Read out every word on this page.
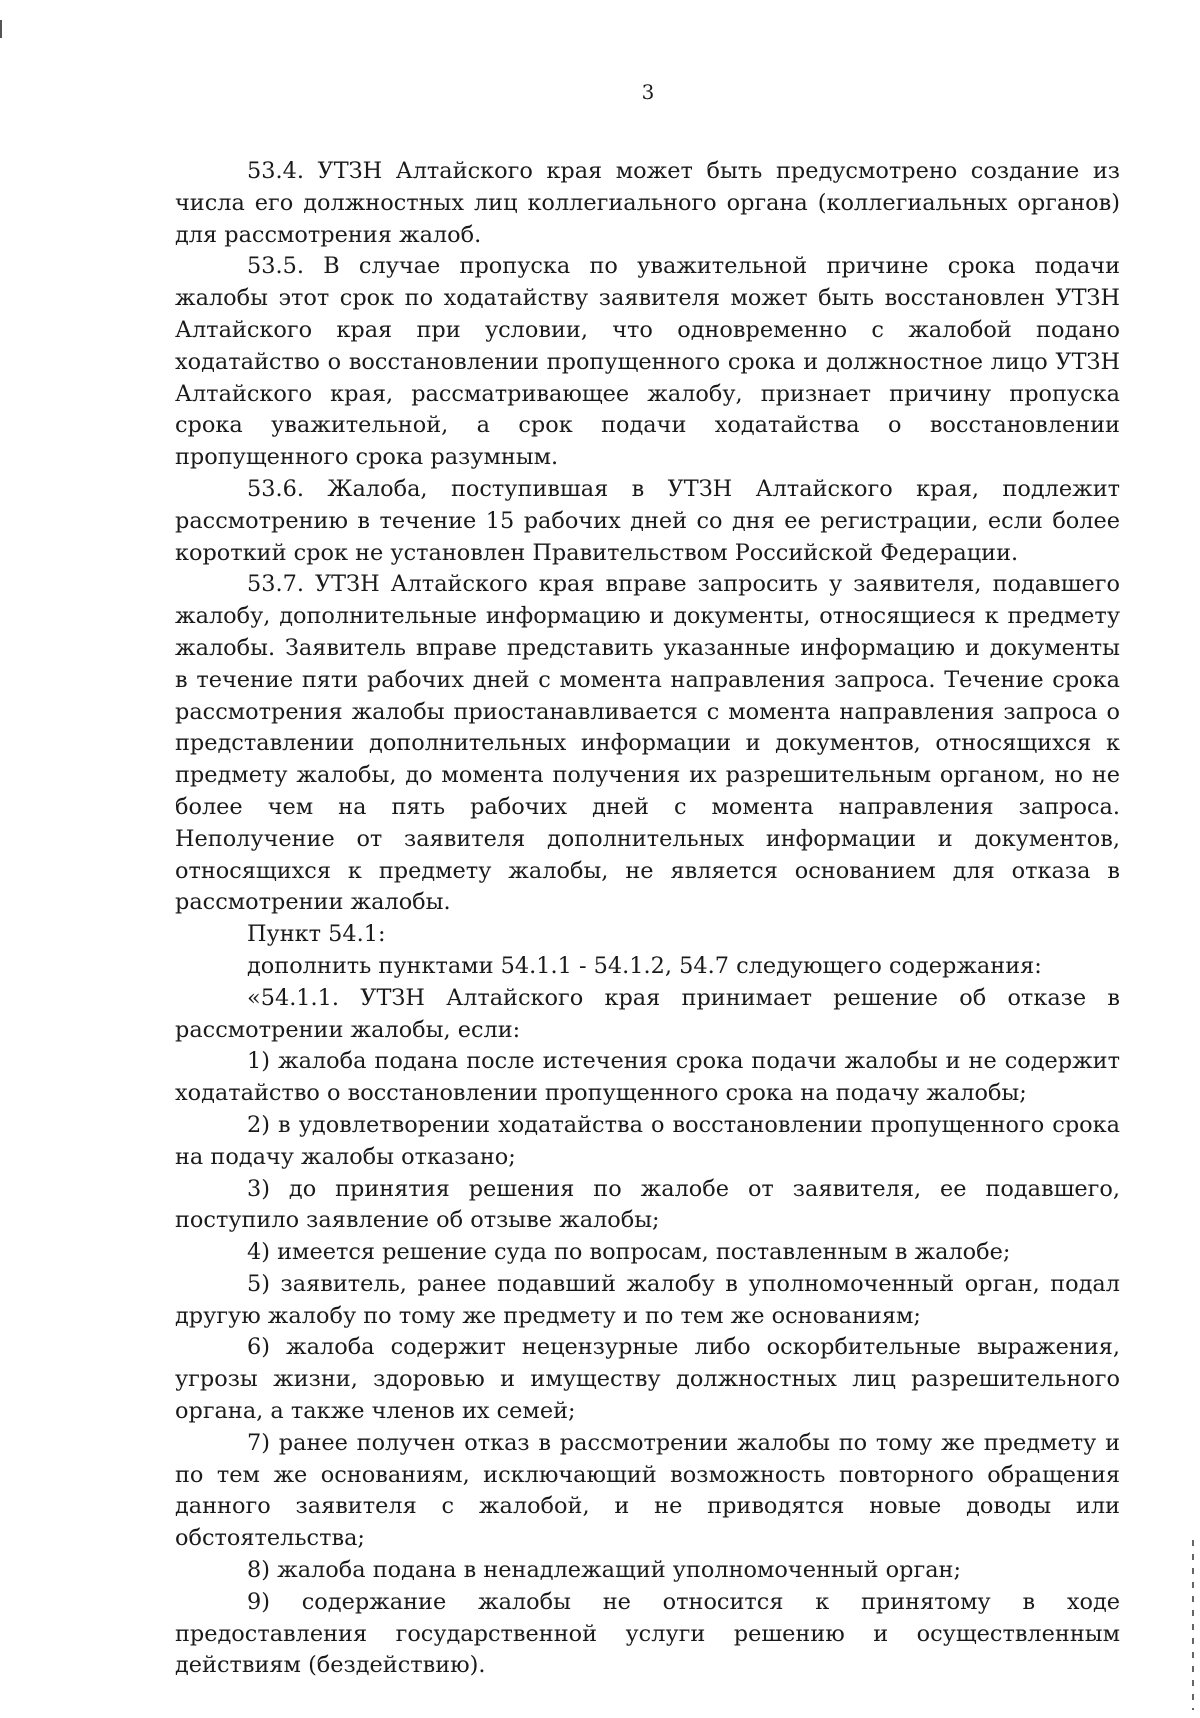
3

53.4. УТЗН Алтайского края может быть предусмотрено создание из числа его должностных лиц коллегиального органа (коллегиальных органов) для рассмотрения жалоб.

53.5. В случае пропуска по уважительной причине срока подачи жалобы этот срок по ходатайству заявителя может быть восстановлен УТЗН Алтайского края при условии, что одновременно с жалобой подано ходатайство о восстановлении пропущенного срока и должностное лицо УТЗН Алтайского края, рассматривающее жалобу, признает причину пропуска срока уважительной, а срок подачи ходатайства о восстановлении пропущенного срока разумным.

53.6. Жалоба, поступившая в УТЗН Алтайского края, подлежит рассмотрению в течение 15 рабочих дней со дня ее регистрации, если более короткий срок не установлен Правительством Российской Федерации.

53.7. УТЗН Алтайского края вправе запросить у заявителя, подавшего жалобу, дополнительные информацию и документы, относящиеся к предмету жалобы. Заявитель вправе представить указанные информацию и документы в течение пяти рабочих дней с момента направления запроса. Течение срока рассмотрения жалобы приостанавливается с момента направления запроса о представлении дополнительных информации и документов, относящихся к предмету жалобы, до момента получения их разрешительным органом, но не более чем на пять рабочих дней с момента направления запроса. Неполучение от заявителя дополнительных информации и документов, относящихся к предмету жалобы, не является основанием для отказа в рассмотрении жалобы.

Пункт 54.1:

дополнить пунктами 54.1.1 - 54.1.2, 54.7 следующего содержания:

«54.1.1. УТЗН Алтайского края принимает решение об отказе в рассмотрении жалобы, если:

1) жалоба подана после истечения срока подачи жалобы и не содержит ходатайство о восстановлении пропущенного срока на подачу жалобы;

2) в удовлетворении ходатайства о восстановлении пропущенного срока на подачу жалобы отказано;

3) до принятия решения по жалобе от заявителя, ее подавшего, поступило заявление об отзыве жалобы;

4) имеется решение суда по вопросам, поставленным в жалобе;

5) заявитель, ранее подавший жалобу в уполномоченный орган, подал другую жалобу по тому же предмету и по тем же основаниям;

6) жалоба содержит нецензурные либо оскорбительные выражения, угрозы жизни, здоровью и имуществу должностных лиц разрешительного органа, а также членов их семей;

7) ранее получен отказ в рассмотрении жалобы по тому же предмету и по тем же основаниям, исключающий возможность повторного обращения данного заявителя с жалобой, и не приводятся новые доводы или обстоятельства;

8) жалоба подана в ненадлежащий уполномоченный орган;

9) содержание жалобы не относится к принятому в ходе предоставления государственной услуги решению и осуществленным действиям (бездействию).
